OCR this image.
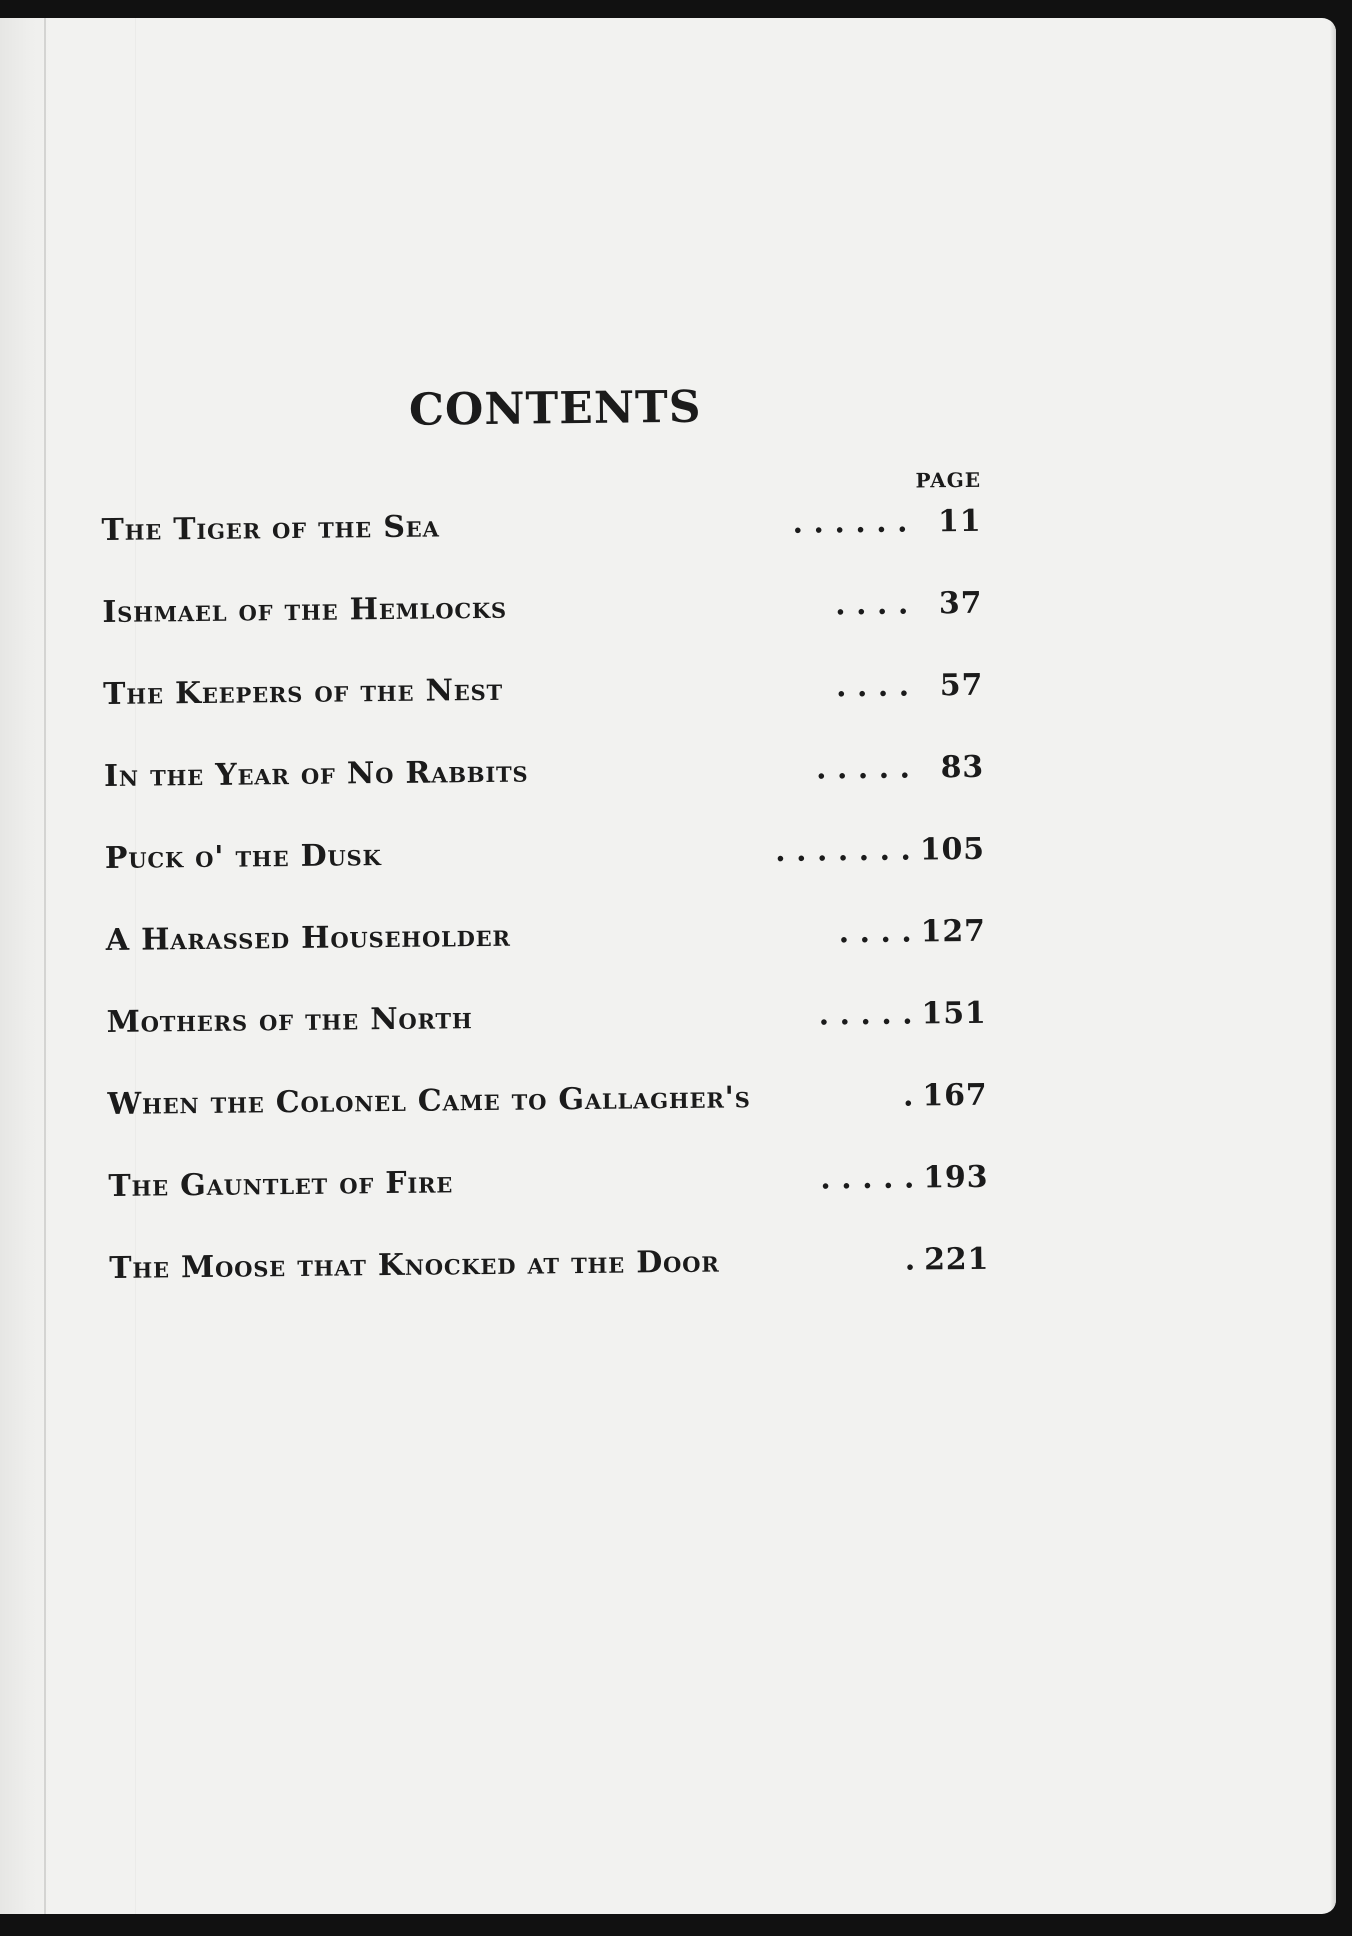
CONTENTS
PAGE
The Tiger of the Sea	. . . . . .	11
Ishmael of the Hemlocks	. . . .	37
The Keepers of the Nest	. . . .	57
In the Year of No Rabbits	. . . . .	83
Puck o' the Dusk	. . . . . . . 105
A Harassed Householder	. . . . 127
Mothers of the North	. . . . . 151
When the Colonel Came to Gallagher's	. 167
The Gauntlet of Fire	. . . . . 193
The Moose that Knocked at the Door	. 221
